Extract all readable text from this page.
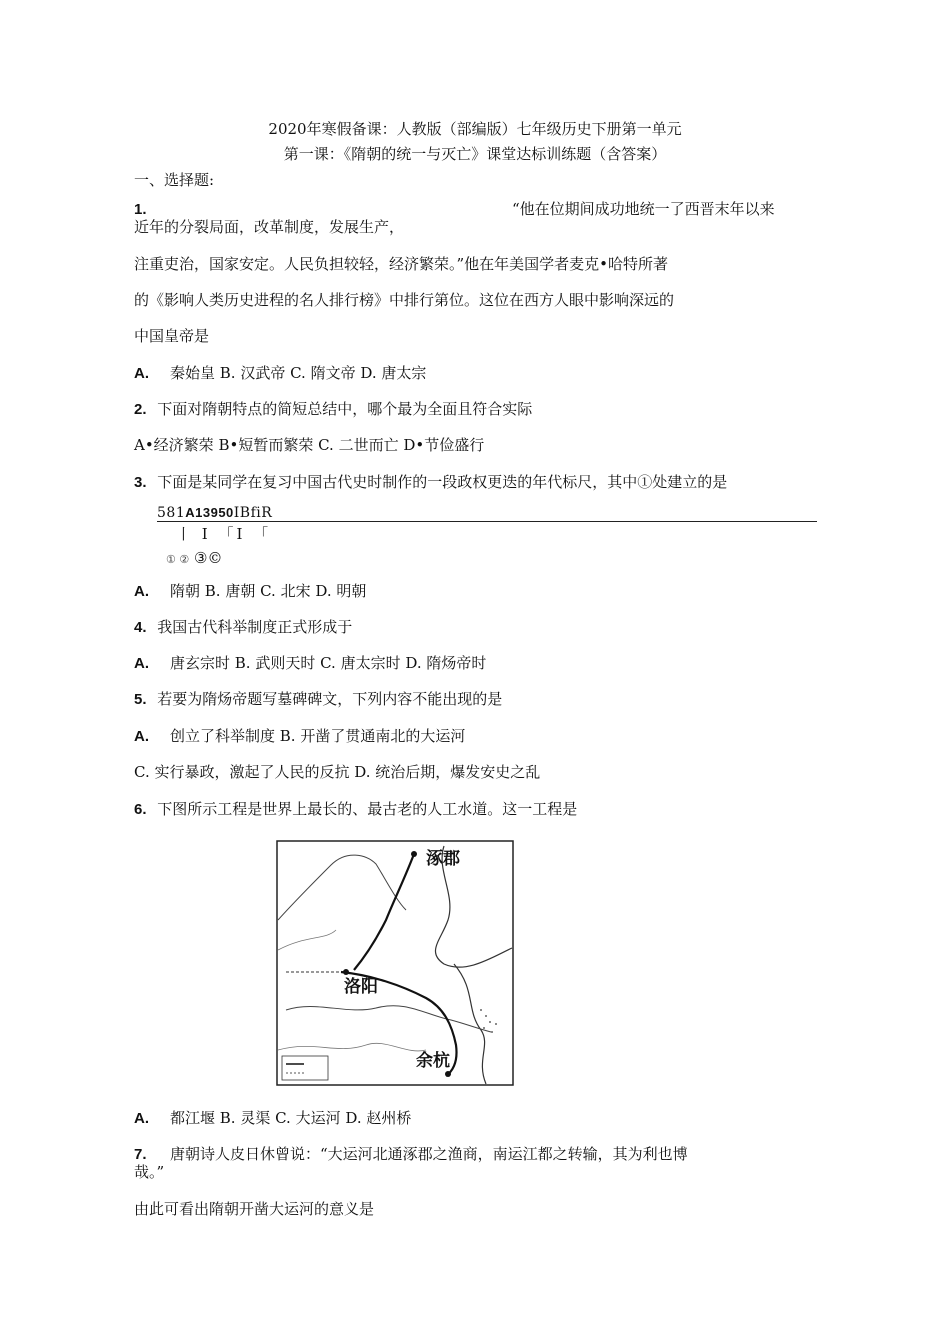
2020年寒假备课：人教版（部编版）七年级历史下册第一单元
第一课：《隋朝的统一与灭亡》课堂达标训练题（含答案）
一、选择题:
1.	“他在位期间成功地统一了西晋末年以来
近年的分裂局面，改革制度，发展生产，
注重吏治，国家安定。人民负担较轻，经济繁荣。”他在年美国学者麦克•哈特所著
的《影响人类历史进程的名人排行榜》中排行第位。这位在西方人眼中影响深远的
中国皇帝是
A. 秦始皇 B. 汉武帝 C. 隋文帝 D. 唐太宗
2. 下面对隋朝特点的简短总结中，哪个最为全面且符合实际
A•经济繁荣 B•短暂而繁荣 C. 二世而亡 D•节俭盛行
3. 下面是某同学在复习中国古代史时制作的一段政权更迭的年代标尺，其中①处建立的是
581A13950IBfiR
丨 I 「I 「
① ② ③©
A. 隋朝 B. 唐朝 C. 北宋 D. 明朝
4. 我国古代科举制度正式形成于
A. 唐玄宗时 B. 武则天时 C. 唐太宗时 D. 隋炀帝时
5. 若要为隋炀帝题写墓碑碑文，下列内容不能出现的是
A. 创立了科举制度 B. 开凿了贯通南北的大运河
C. 实行暴政，激起了人民的反抗 D. 统治后期，爆发安史之乱
6. 下图所示工程是世界上最长的、最古老的人工水道。这一工程是
涿郡
洛阳
余杭
A. 都江堰 B. 灵渠 C. 大运河 D. 赵州桥
7. 唐朝诗人皮日休曾说：“大运河北通涿郡之渔商，南运江都之转输，其为利也博
哉。”
由此可看出隋朝开凿大运河的意义是
